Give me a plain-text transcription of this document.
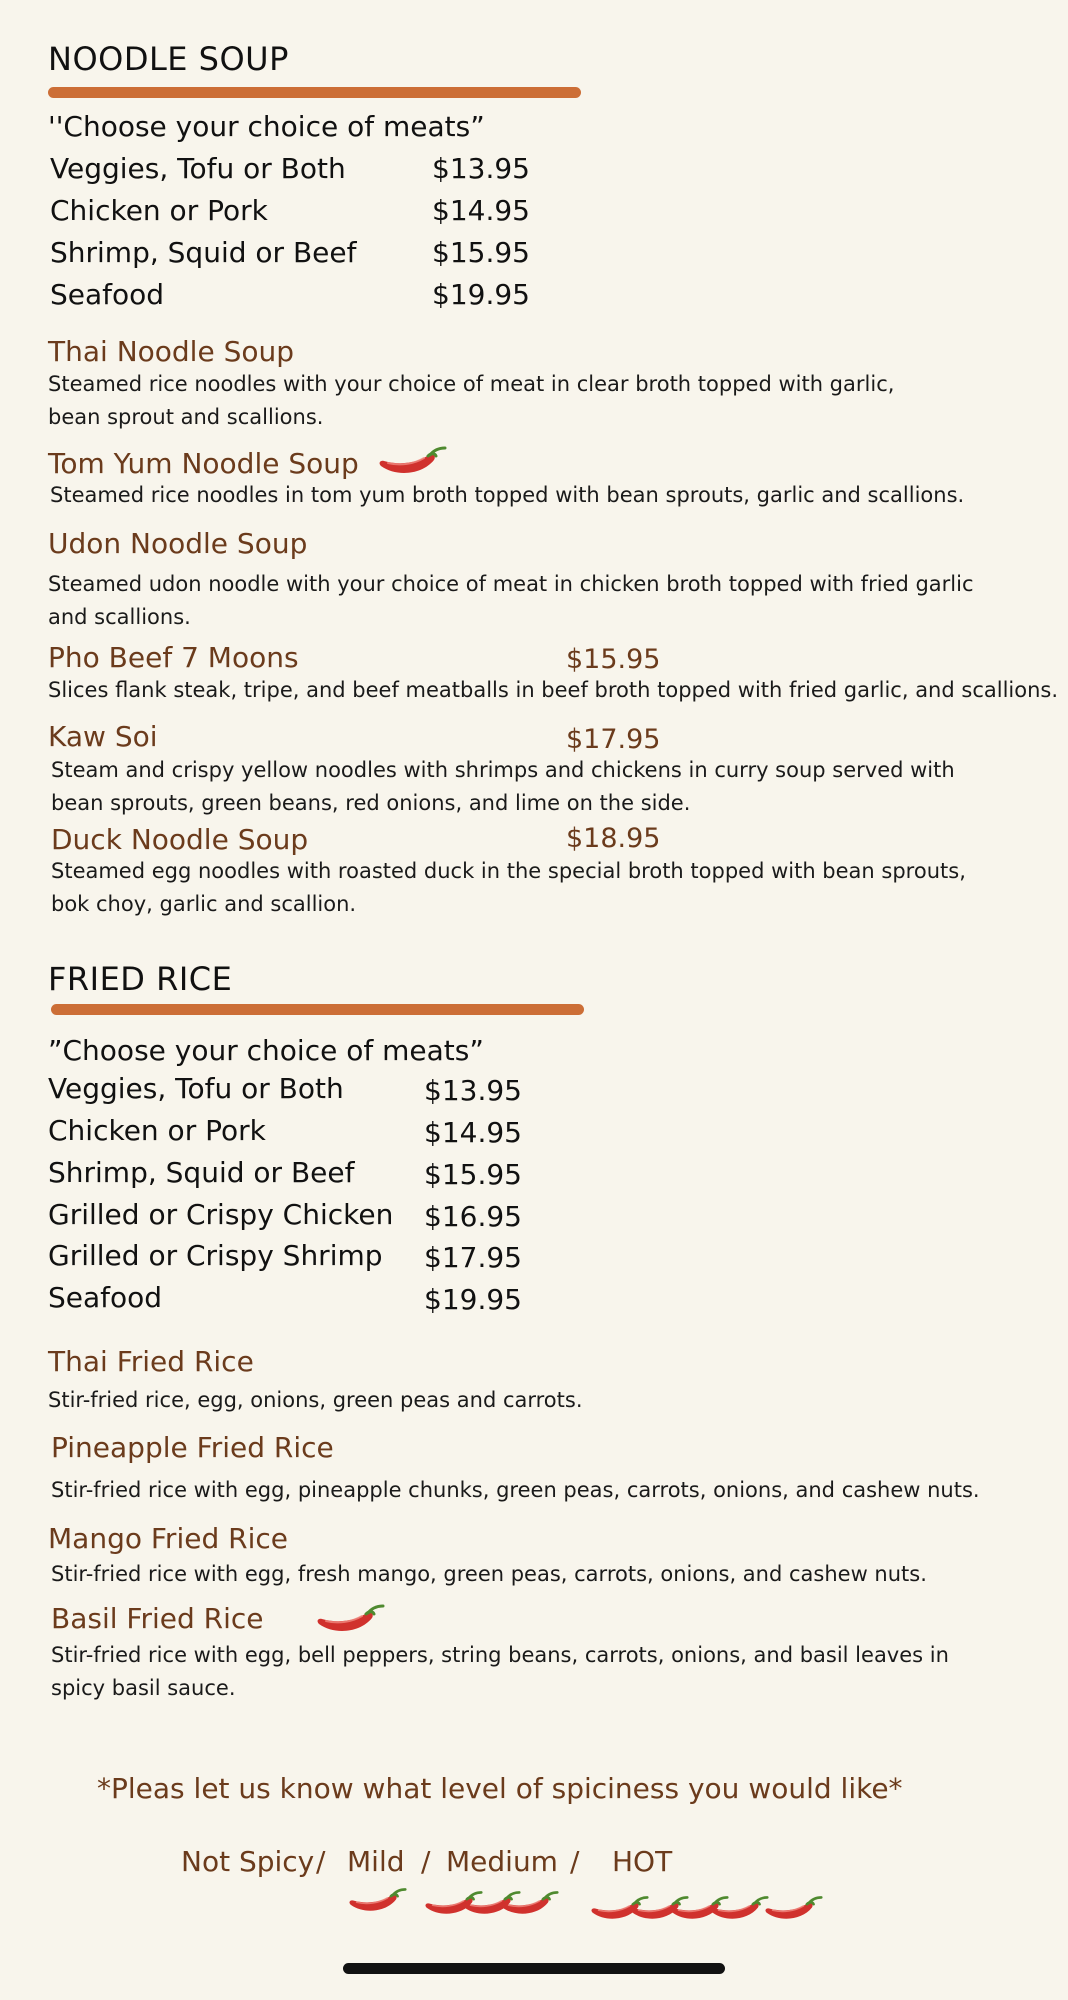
NOODLE SOUP
''Choose your choice of meats”
Veggies, Tofu or Both	$13.95
Chicken or Pork	$14.95
Shrimp, Squid or Beef	$15.95
Seafood	$19.95
Thai Noodle Soup
Steamed rice noodles with your choice of meat in clear broth topped with garlic, bean sprout and scallions.
Tom Yum Noodle Soup
Steamed rice noodles in tom yum broth topped with bean sprouts, garlic and scallions.
Udon Noodle Soup
Steamed udon noodle with your choice of meat in chicken broth topped with fried garlic and scallions.
Pho Beef 7 Moons	$15.95
Slices flank steak, tripe, and beef meatballs in beef broth topped with fried garlic, and scallions.
Kaw Soi	$17.95
Steam and crispy yellow noodles with shrimps and chickens in curry soup served with bean sprouts, green beans, red onions, and lime on the side.
Duck Noodle Soup	$18.95
Steamed egg noodles with roasted duck in the special broth topped with bean sprouts, bok choy, garlic and scallion.
FRIED RICE
”Choose your choice of meats”
Veggies, Tofu or Both	$13.95
Chicken or Pork	$14.95
Shrimp, Squid or Beef $15.95
Grilled or Crispy Chicken $16.95
Grilled or Crispy Shrimp $17.95
Seafood	$19.95
Thai Fried Rice
Stir-fried rice, egg, onions, green peas and carrots.
Pineapple Fried Rice
Stir-fried rice with egg, pineapple chunks, green peas, carrots, onions, and cashew nuts.
Mango Fried Rice
Stir-fried rice with egg, fresh mango, green peas, carrots, onions, and cashew nuts.
Basil Fried Rice
Stir-fried rice with egg, bell peppers, string beans, carrots, onions, and basil leaves in spicy basil sauce.
*Pleas let us know what level of spiciness you would like*
Not Spicy / Mild / Medium / HOT
